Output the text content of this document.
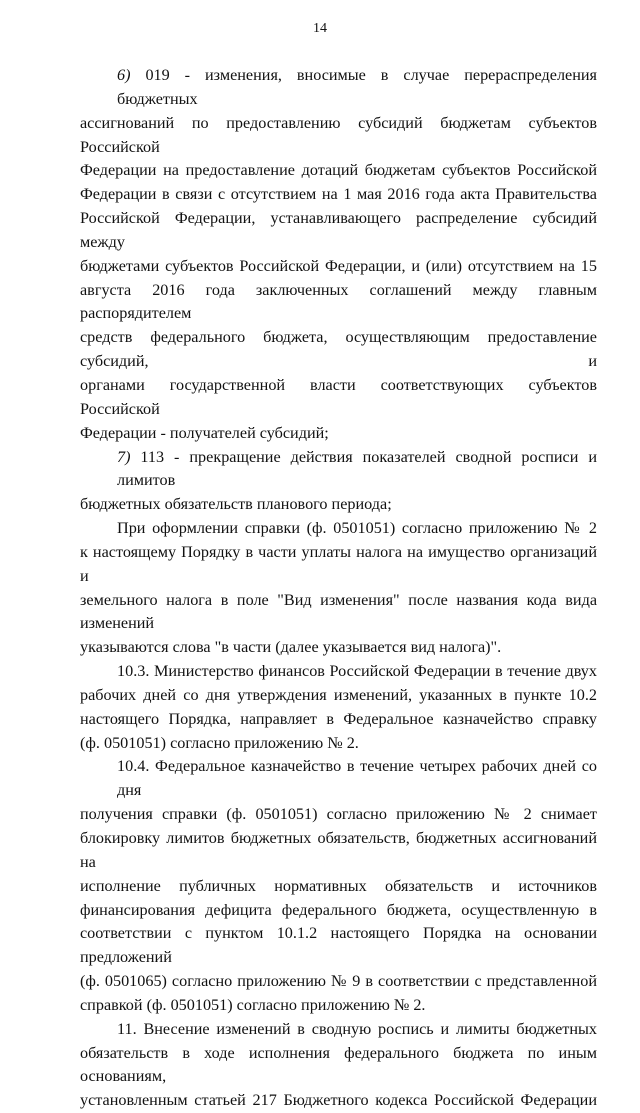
14
6) 019 - изменения, вносимые в случае перераспределения бюджетных
ассигнований по предоставлению субсидий бюджетам субъектов Российской
Федерации на предоставление дотаций бюджетам субъектов Российской
Федерации в связи с отсутствием на 1 мая 2016 года акта Правительства
Российской Федерации, устанавливающего распределение субсидий между
бюджетами субъектов Российской Федерации, и (или) отсутствием на 15
августа 2016 года заключенных соглашений между главным распорядителем
средств федерального бюджета, осуществляющим предоставление субсидий, и
органами государственной власти соответствующих субъектов Российской
Федерации - получателей субсидий;
7) 113 - прекращение действия показателей сводной росписи и лимитов
бюджетных обязательств планового периода;
При оформлении справки (ф. 0501051) согласно приложению № 2
к настоящему Порядку в части уплаты налога на имущество организаций и
земельного налога в поле "Вид изменения" после названия кода вида изменений
указываются слова "в части (далее указывается вид налога)".
10.3. Министерство финансов Российской Федерации в течение двух
рабочих дней со дня утверждения изменений, указанных в пункте 10.2
настоящего Порядка, направляет в Федеральное казначейство справку
(ф. 0501051) согласно приложению № 2.
10.4. Федеральное казначейство в течение четырех рабочих дней со дня
получения справки (ф. 0501051) согласно приложению № 2 снимает
блокировку лимитов бюджетных обязательств, бюджетных ассигнований на
исполнение публичных нормативных обязательств и источников
финансирования дефицита федерального бюджета, осуществленную в
соответствии с пунктом 10.1.2 настоящего Порядка на основании предложений
(ф. 0501065) согласно приложению № 9 в соответствии с представленной
справкой (ф. 0501051) согласно приложению № 2.
11. Внесение изменений в сводную роспись и лимиты бюджетных
обязательств в ходе исполнения федерального бюджета по иным основаниям,
установленным статьей 217 Бюджетного кодекса Российской Федерации
